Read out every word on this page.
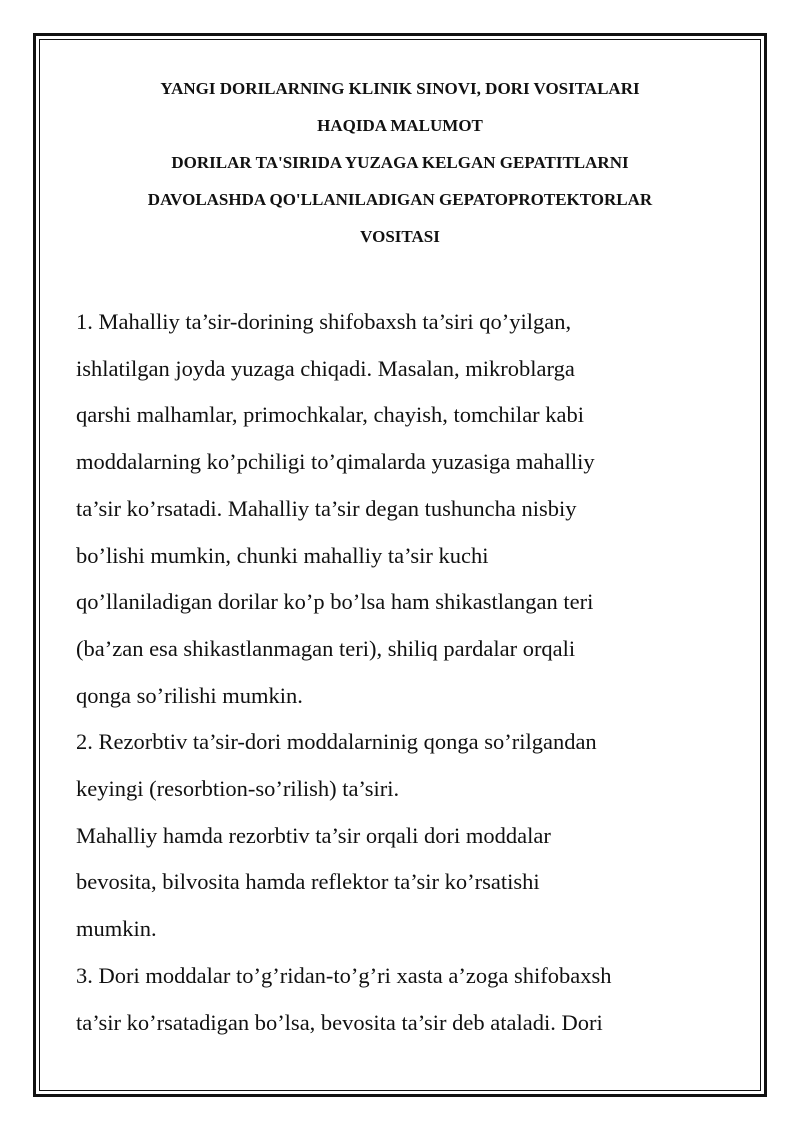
YANGI DORILARNING KLINIK SINOVI, DORI VOSITALARI
HAQIDA MALUMOT
DORILAR TA'SIRIDA YUZAGA KELGAN GEPATITLARNI
DAVOLASHDA QO'LLANILADIGAN GEPATOPROTEKTORLAR
VOSITASI
1. Mahalliy ta’sir-dorining shifobaxsh ta’siri qo’yilgan,
ishlatilgan joyda yuzaga chiqadi. Masalan, mikroblarga
qarshi malhamlar, primochkalar, chayish, tomchilar kabi
moddalarning ko’pchiligi to’qimalarda yuzasiga mahalliy
ta’sir ko’rsatadi. Mahalliy ta’sir degan tushuncha nisbiy
bo’lishi mumkin, chunki mahalliy ta’sir kuchi
qo’llaniladigan dorilar ko’p bo’lsa ham shikastlangan teri
(ba’zan esa shikastlanmagan teri), shiliq pardalar orqali
qonga so’rilishi mumkin.
2. Rezorbtiv ta’sir-dori moddalarninig qonga so’rilgandan
keyingi (resorbtion-so’rilish) ta’siri.
Mahalliy hamda rezorbtiv ta’sir orqali dori moddalar
bevosita, bilvosita hamda reflektor ta’sir ko’rsatishi
mumkin.
3. Dori moddalar to’g’ridan-to’g’ri xasta a’zoga shifobaxsh
ta’sir ko’rsatadigan bo’lsa, bevosita ta’sir deb ataladi. Dori
